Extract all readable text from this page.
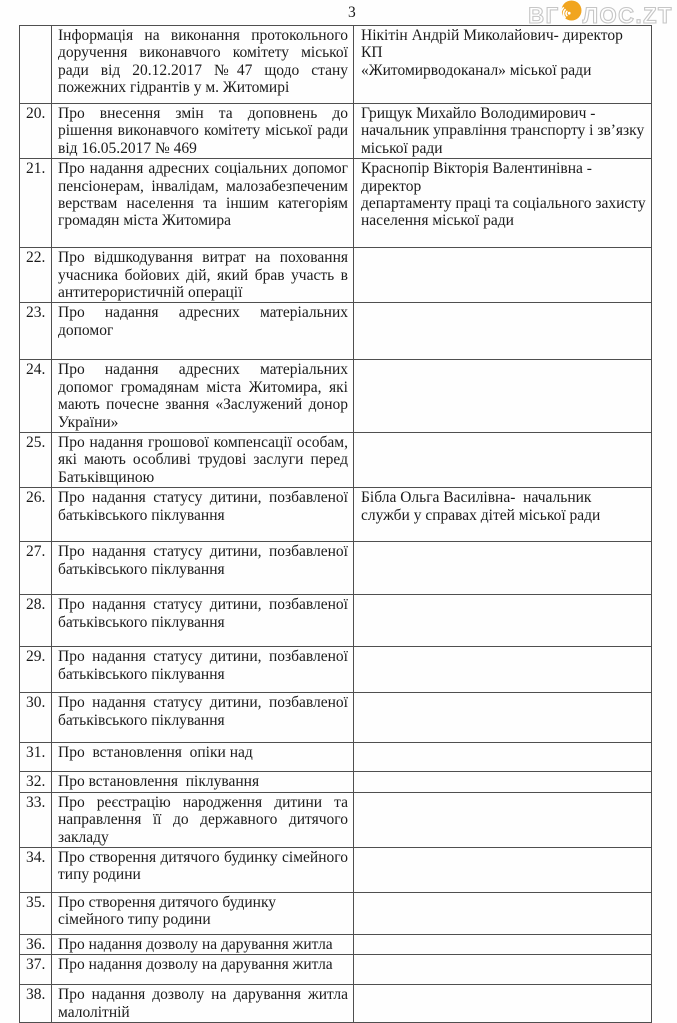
3	ВГ ЛОС.ZT
	Інформація на виконання протокольного доручення виконавчого комітету міської ради від 20.12.2017 №47 щодо стану пожежних гідрантів у м. Житомирі	Нікітін Андрій Миколайович- директор КП
«Житомирводоканал» міської ради
20.	Про внесення змін та доповнень до рішення виконавчого комітету міської ради від 16.05.2017 № 469	Грищук Михайло Володимирович -
начальник управління транспорту і зв’язку
міської ради
21.	Про надання адресних соціальних допомог пенсіонерам, інвалідам, малозабезпеченим верствам населення та іншим категоріям громадян міста Житомира	Краснопір Вікторія Валентинівна - директор
департаменту праці та соціального захисту
населення міської ради
22.	Про відшкодування витрат на поховання учасника бойових дій, який брав участь в антитерористичній операції	
23.	Про надання адресних матеріальних допомог	
24.	Про надання адресних матеріальних допомог громадянам міста Житомира, які мають почесне звання «Заслужений донор України»	
25.	Про надання грошової компенсації особам, які мають особливі трудові заслуги перед Батьківщиною	
26.	Про надання статусу дитини, позбавленої батьківського піклування	Бібла Ольга Василівна-  начальник
служби у справах дітей міської ради
27.	Про надання статусу дитини, позбавленої батьківського піклування	
28.	Про надання статусу дитини, позбавленої батьківського піклування	
29.	Про надання статусу дитини, позбавленої батьківського піклування	
30.	Про надання статусу дитини, позбавленої батьківського піклування	
31.	Про  встановлення  опіки над	
32.	Про встановлення  піклування	
33.	Про реєстрацію народження дитини та направлення її до державного дитячого закладу	
34.	Про створення дитячого будинку сімейного типу родини	
35.	Про створення дитячого будинку
сімейного типу родини	
36.	Про надання дозволу на дарування житла	
37.	Про надання дозволу на дарування житла	
38.	Про надання дозволу на дарування житла малолітній	
